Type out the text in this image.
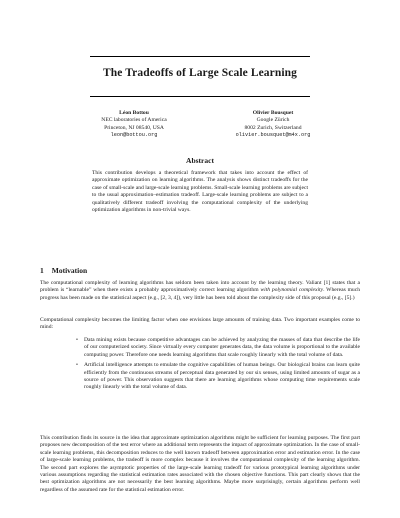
The Tradeoffs of Large Scale Learning
Léon Bottou
NEC laboratories of America
Princeton, NJ 08540, USA
leon@bottou.org
Olivier Bousquet
Google Zürich
8002 Zurich, Switzerland
olivier.bousquet@m4x.org
Abstract
This contribution develops a theoretical framework that takes into account the effect of approximate optimization on learning algorithms. The analysis shows distinct tradeoffs for the case of small-scale and large-scale learning problems. Small-scale learning problems are subject to the usual approximation–estimation tradeoff. Large-scale learning problems are subject to a qualitatively different tradeoff involving the computational complexity of the underlying optimization algorithms in non-trivial ways.
1 Motivation
The computational complexity of learning algorithms has seldom been taken into account by the learning theory. Valiant [1] states that a problem is “learnable” when there exists a probably approximatively correct learning algorithm with polynomial complexity. Whereas much progress has been made on the statistical aspect (e.g., [2, 3, 4]), very little has been told about the complexity side of this proposal (e.g., [5].)
Computational complexity becomes the limiting factor when one envisions large amounts of training data. Two important examples come to mind:
• Data mining exists because competitive advantages can be achieved by analyzing the masses of data that describe the life of our computerized society. Since virtually every computer generates data, the data volume is proportional to the available computing power. Therefore one needs learning algorithms that scale roughly linearly with the total volume of data.
• Artificial intelligence attempts to emulate the cognitive capabilities of human beings. Our biological brains can learn quite efficiently from the continuous streams of perceptual data generated by our six senses, using limited amounts of sugar as a source of power. This observation suggests that there are learning algorithms whose computing time requirements scale roughly linearly with the total volume of data.
This contribution finds its source in the idea that approximate optimization algorithms might be sufficient for learning purposes. The first part proposes new decomposition of the test error where an additional term represents the impact of approximate optimization. In the case of small-scale learning problems, this decomposition reduces to the well known tradeoff between approximation error and estimation error. In the case of large-scale learning problems, the tradeoff is more complex because it involves the computational complexity of the learning algorithm. The second part explores the asymptotic properties of the large-scale learning tradeoff for various prototypical learning algorithms under various assumptions regarding the statistical estimation rates associated with the chosen objective functions. This part clearly shows that the best optimization algorithms are not necessarily the best learning algorithms. Maybe more surprisingly, certain algorithms perform well regardless of the assumed rate for the statistical estimation error.
